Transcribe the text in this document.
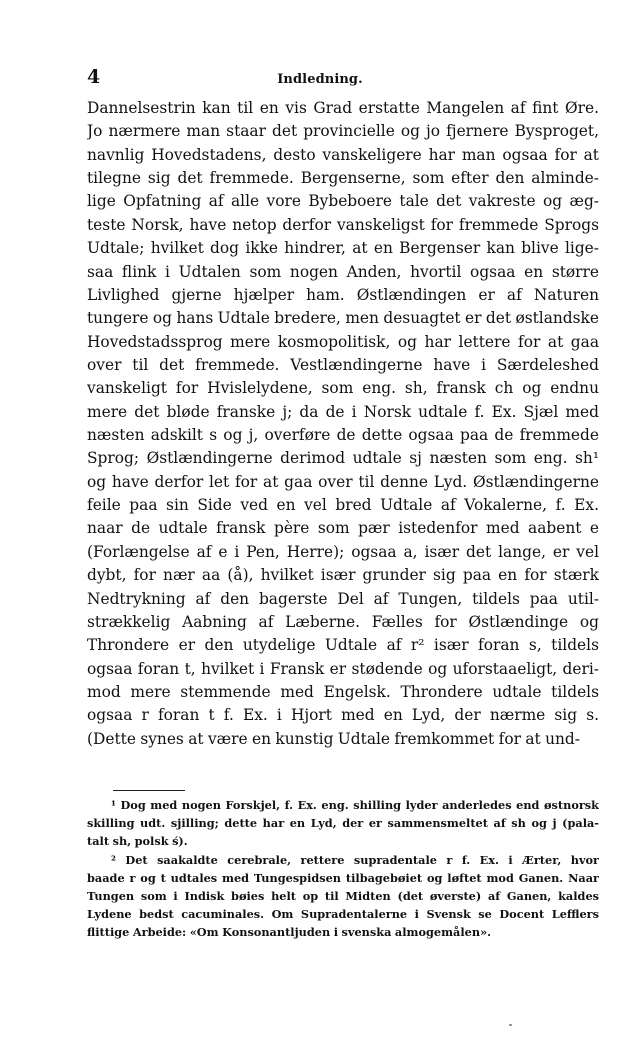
4	Indledning.
Dannelsestrin kan til en vis Grad erstatte Mangelen af fint Øre.
Jo nærmere man staar det provincielle og jo fjernere Bysproget,
navnlig Hovedstadens, desto vanskeligere har man ogsaa for at
tilegne sig det fremmede. Bergenserne, som efter den alminde-
lige Opfatning af alle vore Bybeboere tale det vakreste og æg-
teste Norsk, have netop derfor vanskeligst for fremmede Sprogs
Udtale; hvilket dog ikke hindrer, at en Bergenser kan blive lige-
saa flink i Udtalen som nogen Anden, hvortil ogsaa en større
Livlighed gjerne hjælper ham. Østlændingen er af Naturen
tungere og hans Udtale bredere, men desuagtet er det østlandske
Hovedstadssprog mere kosmopolitisk, og har lettere for at gaa
over til det fremmede. Vestlændingerne have i Særdeleshed
vanskeligt for Hvislelydene, som eng. sh, fransk ch og endnu
mere det bløde franske j; da de i Norsk udtale f. Ex. Sjæl med
næsten adskilt s og j, overføre de dette ogsaa paa de fremmede
Sprog; Østlændingerne derimod udtale sj næsten som eng. sh¹
og have derfor let for at gaa over til denne Lyd. Østlændingerne
feile paa sin Side ved en vel bred Udtale af Vokalerne, f. Ex.
naar de udtale fransk père som pær istedenfor med aabent e
(Forlængelse af e i Pen, Herre); ogsaa a, især det lange, er vel
dybt, for nær aa (å), hvilket især grunder sig paa en for stærk
Nedtrykning af den bagerste Del af Tungen, tildels paa util-
strækkelig Aabning af Læberne. Fælles for Østlændinge og
Throndere er den utydelige Udtale af r² især foran s, tildels
ogsaa foran t, hvilket i Fransk er stødende og uforstaaeligt, deri-
mod mere stemmende med Engelsk. Throndere udtale tildels
ogsaa r foran t f. Ex. i Hjort med en Lyd, der nærme sig s.
(Dette synes at være en kunstig Udtale fremkommet for at und-
¹ Dog med nogen Forskjel, f. Ex. eng. shilling lyder anderledes end østnorsk
skilling udt. sjilling; dette har en Lyd, der er sammensmeltet af sh og j (pala-
talt sh, polsk ś).
² Det saakaldte cerebrale, rettere supradentale r f. Ex. i Ærter, hvor
baade r og t udtales med Tungespidsen tilbagebøiet og løftet mod Ganen. Naar
Tungen som i Indisk bøies helt op til Midten (det øverste) af Ganen, kaldes
Lydene bedst cacuminales. Om Supradentalerne i Svensk se Docent Lefflers
flittige Arbeide: «Om Konsonantljuden i svenska almogemålen».
